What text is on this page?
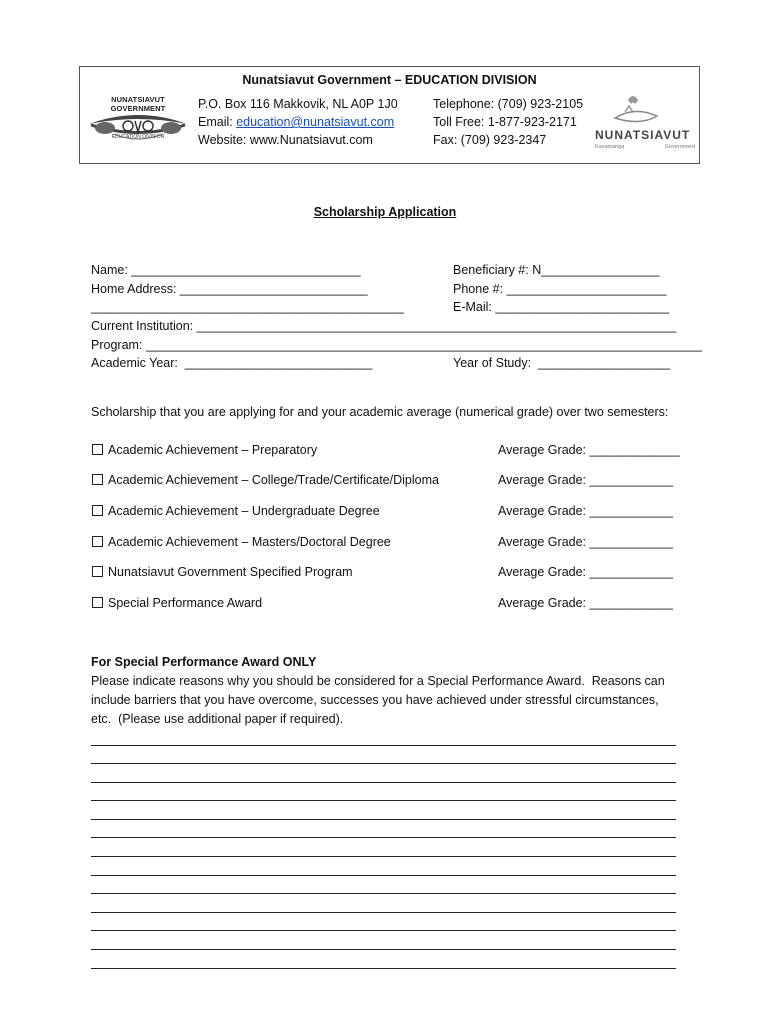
Nunatsiavut Government – EDUCATION DIVISION
NUNATSIAVUT GOVERNMENT
EDUCATION DIVISION
P.O. Box 116 Makkovik, NL A0P 1J0
Email: education@nunatsiavut.com
Website: www.Nunatsiavut.com
Telephone: (709) 923-2105
Toll Free: 1-877-923-2171
Fax: (709) 923-2347	NUNATSIAVUT
Kavamanga	Government
Scholarship Application
Name: _________________________________	Beneficiary #: N_________________
Home Address: ___________________________	Phone #: _______________________
_____________________________________________	E-Mail: _________________________
Current Institution: _____________________________________________________________________
Program: ________________________________________________________________________________
Academic Year:  ___________________________	Year of Study:  ___________________
Scholarship that you are applying for and your academic average (numerical grade) over two semesters:
Academic Achievement – Preparatory	Average Grade: _____________
Academic Achievement – College/Trade/Certificate/Diploma	Average Grade: ____________
Academic Achievement – Undergraduate Degree	Average Grade: ____________
Academic Achievement – Masters/Doctoral Degree	Average Grade: ____________
Nunatsiavut Government Specified Program	Average Grade: ____________
Special Performance Award	Average Grade: ____________
For Special Performance Award ONLY
Please indicate reasons why you should be considered for a Special Performance Award.  Reasons can
include barriers that you have overcome, successes you have achieved under stressful circumstances,
etc.  (Please use additional paper if required).
